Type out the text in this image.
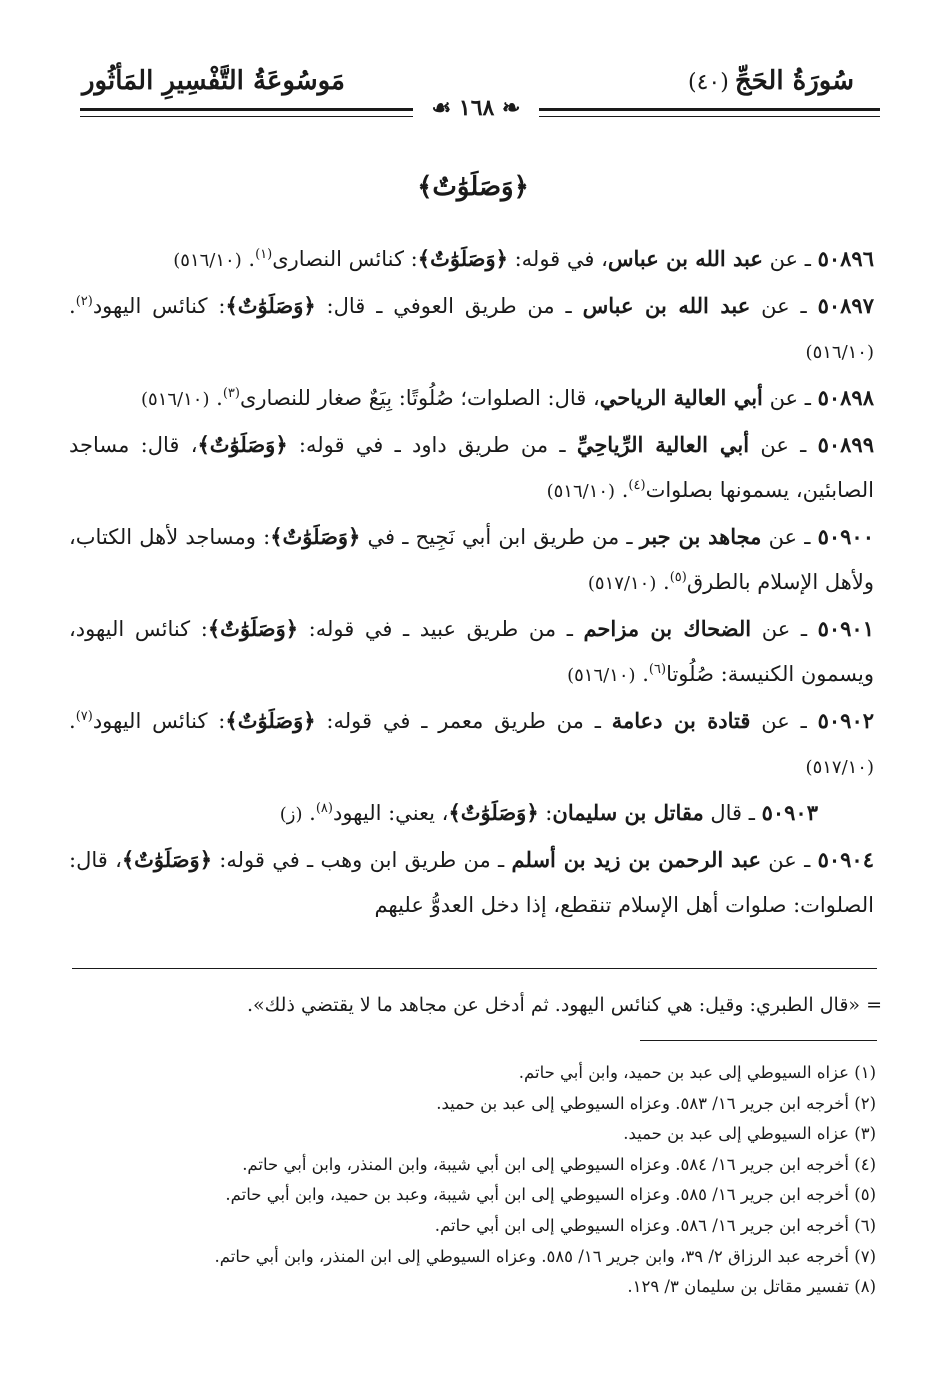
سُورَةُ الحَجِّ(٤٠)
مَوسُوعَةُ التَّفْسِيرِ المَأثُور
❧ ١٦٨ ☙
﴿وَصَلَوَٰتٌ﴾

٥٠٨٩٦ ـ عن عبد الله بن عباس، في قوله: ﴿وَصَلَوَٰتٌ﴾: كنائس النصارى$^{(١)}$. (٥١٦/١٠)

٥٠٨٩٧ ـ عن عبد الله بن عباس ـ من طريق العوفي ـ قال: ﴿وَصَلَوَٰتٌ﴾: كنائس اليهود$^{(٢)}$. (٥١٦/١٠)

٥٠٨٩٨ ـ عن أبي العالية الرياحي، قال: الصلوات؛ صُلُوتًا: بِيَعٌ صغار للنصارى$^{(٣)}$. (٥١٦/١٠)

٥٠٨٩٩ ـ عن أبي العالية الرِّياحِيِّ ـ من طريق داود ـ في قوله: ﴿وَصَلَوَٰتٌ﴾، قال: مساجد الصابئين، يسمونها بصلوات$^{(٤)}$. (٥١٦/١٠)

٥٠٩٠٠ ـ عن مجاهد بن جبر ـ من طريق ابن أبي نَجِيح ـ في ﴿وَصَلَوَٰتٌ﴾: ومساجد لأهل الكتاب، ولأهل الإسلام بالطرق$^{(٥)}$. (٥١٧/١٠)

٥٠٩٠١ ـ عن الضحاك بن مزاحم ـ من طريق عبيد ـ في قوله: ﴿وَصَلَوَٰتٌ﴾: كنائس اليهود، ويسمون الكنيسة: صُلُوتا$^{(٦)}$. (٥١٦/١٠)

٥٠٩٠٢ ـ عن قتادة بن دعامة ـ من طريق معمر ـ في قوله: ﴿وَصَلَوَٰتٌ﴾: كنائس اليهود$^{(٧)}$. (٥١٧/١٠)

٥٠٩٠٣ ـ قال مقاتل بن سليمان: ﴿وَصَلَوَٰتٌ﴾، يعني: اليهود$^{(٨)}$. (ز)

٥٠٩٠٤ ـ عن عبد الرحمن بن زيد بن أسلم ـ من طريق ابن وهب ـ في قوله: ﴿وَصَلَوَٰتٌ﴾، قال: الصلوات: صلوات أهل الإسلام تنقطع، إذا دخل العدوُّ عليهم

= «قال الطبري: وقيل: هي كنائس اليهود. ثم أدخل عن مجاهد ما لا يقتضي ذلك».
(١) عزاه السيوطي إلى عبد بن حميد، وابن أبي حاتم.
(٢) أخرجه ابن جرير ١٦/ ٥٨٣. وعزاه السيوطي إلى عبد بن حميد.
(٣) عزاه السيوطي إلى عبد بن حميد.
(٤) أخرجه ابن جرير ١٦/ ٥٨٤. وعزاه السيوطي إلى ابن أبي شيبة، وابن المنذر، وابن أبي حاتم.
(٥) أخرجه ابن جرير ١٦/ ٥٨٥. وعزاه السيوطي إلى ابن أبي شيبة، وعبد بن حميد، وابن أبي حاتم.
(٦) أخرجه ابن جرير ١٦/ ٥٨٦. وعزاه السيوطي إلى ابن أبي حاتم.
(٧) أخرجه عبد الرزاق ٢/ ٣٩، وابن جرير ١٦/ ٥٨٥. وعزاه السيوطي إلى ابن المنذر، وابن أبي حاتم.
(٨) تفسير مقاتل بن سليمان ٣/ ١٢٩.
